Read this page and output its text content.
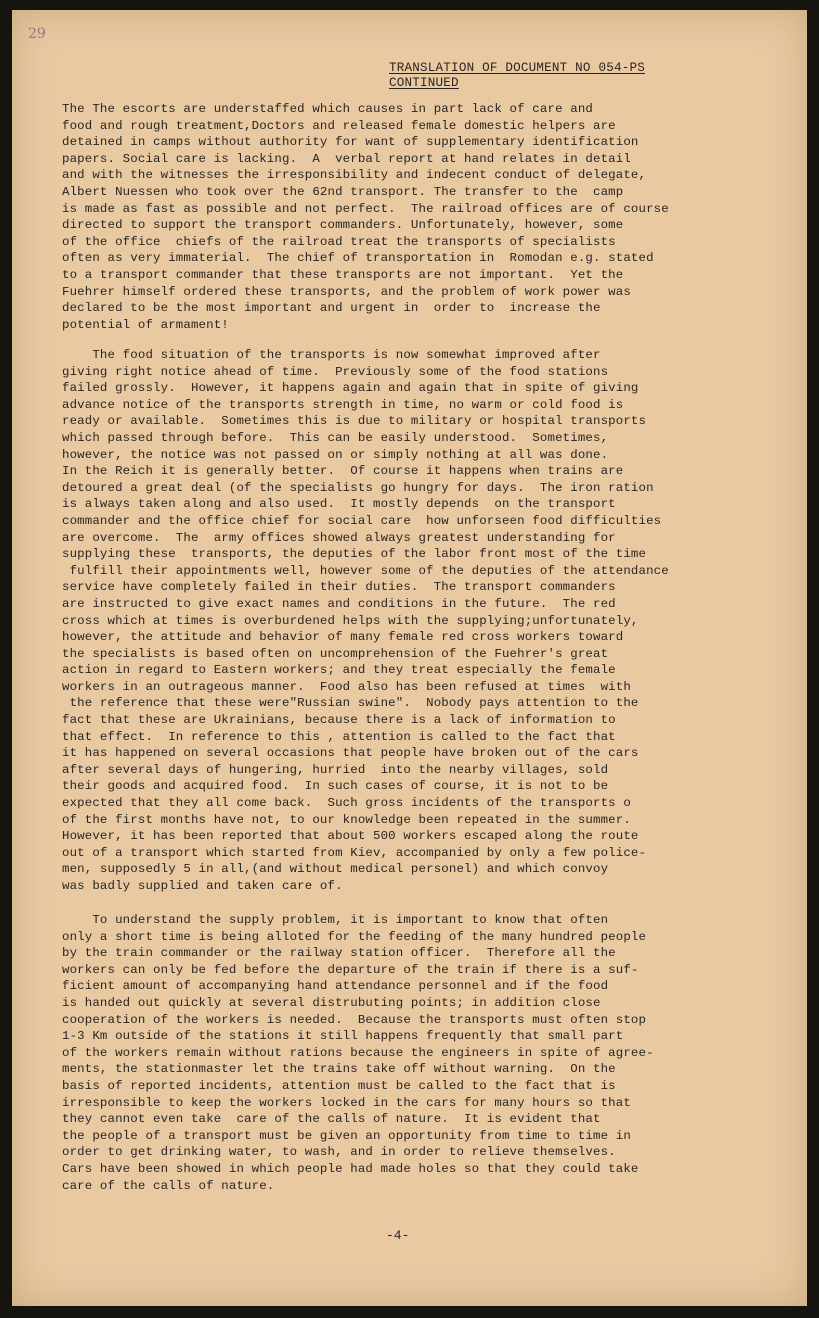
29
TRANSLATION OF DOCUMENT NO 054-PS
CONTINUED
The The escorts are understaffed which causes in part lack of care and
food and rough treatment,Doctors and released female domestic helpers are
detained in camps without authority for want of supplementary identification
papers. Social care is lacking.  A  verbal report at hand relates in detail
and with the witnesses the irresponsibility and indecent conduct of delegate,
Albert Nuessen who took over the 62nd transport. The transfer to the  camp
is made as fast as possible and not perfect.  The railroad offices are of course
directed to support the transport commanders. Unfortunately, however, some
of the office  chiefs of the railroad treat the transports of specialists
often as very immaterial.  The chief of transportation in  Romodan e.g. stated
to a transport commander that these transports are not important.  Yet the
Fuehrer himself ordered these transports, and the problem of work power was
declared to be the most important and urgent in  order to  increase the
potential of armament!
The food situation of the transports is now somewhat improved after
giving right notice ahead of time.  Previously some of the food stations
failed grossly.  However, it happens again and again that in spite of giving
advance notice of the transports strength in time, no warm or cold food is
ready or available.  Sometimes this is due to military or hospital transports
which passed through before.  This can be easily understood.  Sometimes,
however, the notice was not passed on or simply nothing at all was done.
In the Reich it is generally better.  Of course it happens when trains are
detoured a great deal (of the specialists go hungry for days.  The iron ration
is always taken along and also used.  It mostly depends  on the transport
commander and the office chief for social care  how unforseen food difficulties
are overcome.  The  army offices showed always greatest understanding for
supplying these  transports, the deputies of the labor front most of the time
fulfill their appointments well, however some of the deputies of the attendance
service have completely failed in their duties.  The transport commanders
are instructed to give exact names and conditions in the future.  The red
cross which at times is overburdened helps with the supplying;unfortunately,
however, the attitude and behavior of many female red cross workers toward
the specialists is based often on uncomprehension of the Fuehrer's great
action in regard to Eastern workers; and they treat especially the female
workers in an outrageous manner.  Food also has been refused at times  with
the reference that these were"Russian swine".  Nobody pays attention to the
fact that these are Ukrainians, because there is a lack of information to
that effect.  In reference to this , attention is called to the fact that
it has happened on several occasions that people have broken out of the cars
after several days of hungering, hurried  into the nearby villages, sold
their goods and acquired food.  In such cases of course, it is not to be
expected that they all come back.  Such gross incidents of the transports o
of the first months have not, to our knowledge been repeated in the summer.
However, it has been reported that about 500 workers escaped along the route
out of a transport which started from Kiev, accompanied by only a few police-
men, supposedly 5 in all,(and without medical personel) and which convoy
was badly supplied and taken care of.
To understand the supply problem, it is important to know that often
only a short time is being alloted for the feeding of the many hundred people
by the train commander or the railway station officer.  Therefore all the
workers can only be fed before the departure of the train if there is a suf-
ficient amount of accompanying hand attendance personnel and if the food
is handed out quickly at several distrubuting points; in addition close
cooperation of the workers is needed.  Because the transports must often stop
1-3 Km outside of the stations it still happens frequently that small part
of the workers remain without rations because the engineers in spite of agree-
ments, the stationmaster let the trains take off without warning.  On the
basis of reported incidents, attention must be called to the fact that is
irresponsible to keep the workers locked in the cars for many hours so that
they cannot even take  care of the calls of nature.  It is evident that
the people of a transport must be given an opportunity from time to time in
order to get drinking water, to wash, and in order to relieve themselves.
Cars have been showed in which people had made holes so that they could take
care of the calls of nature.
-4-
